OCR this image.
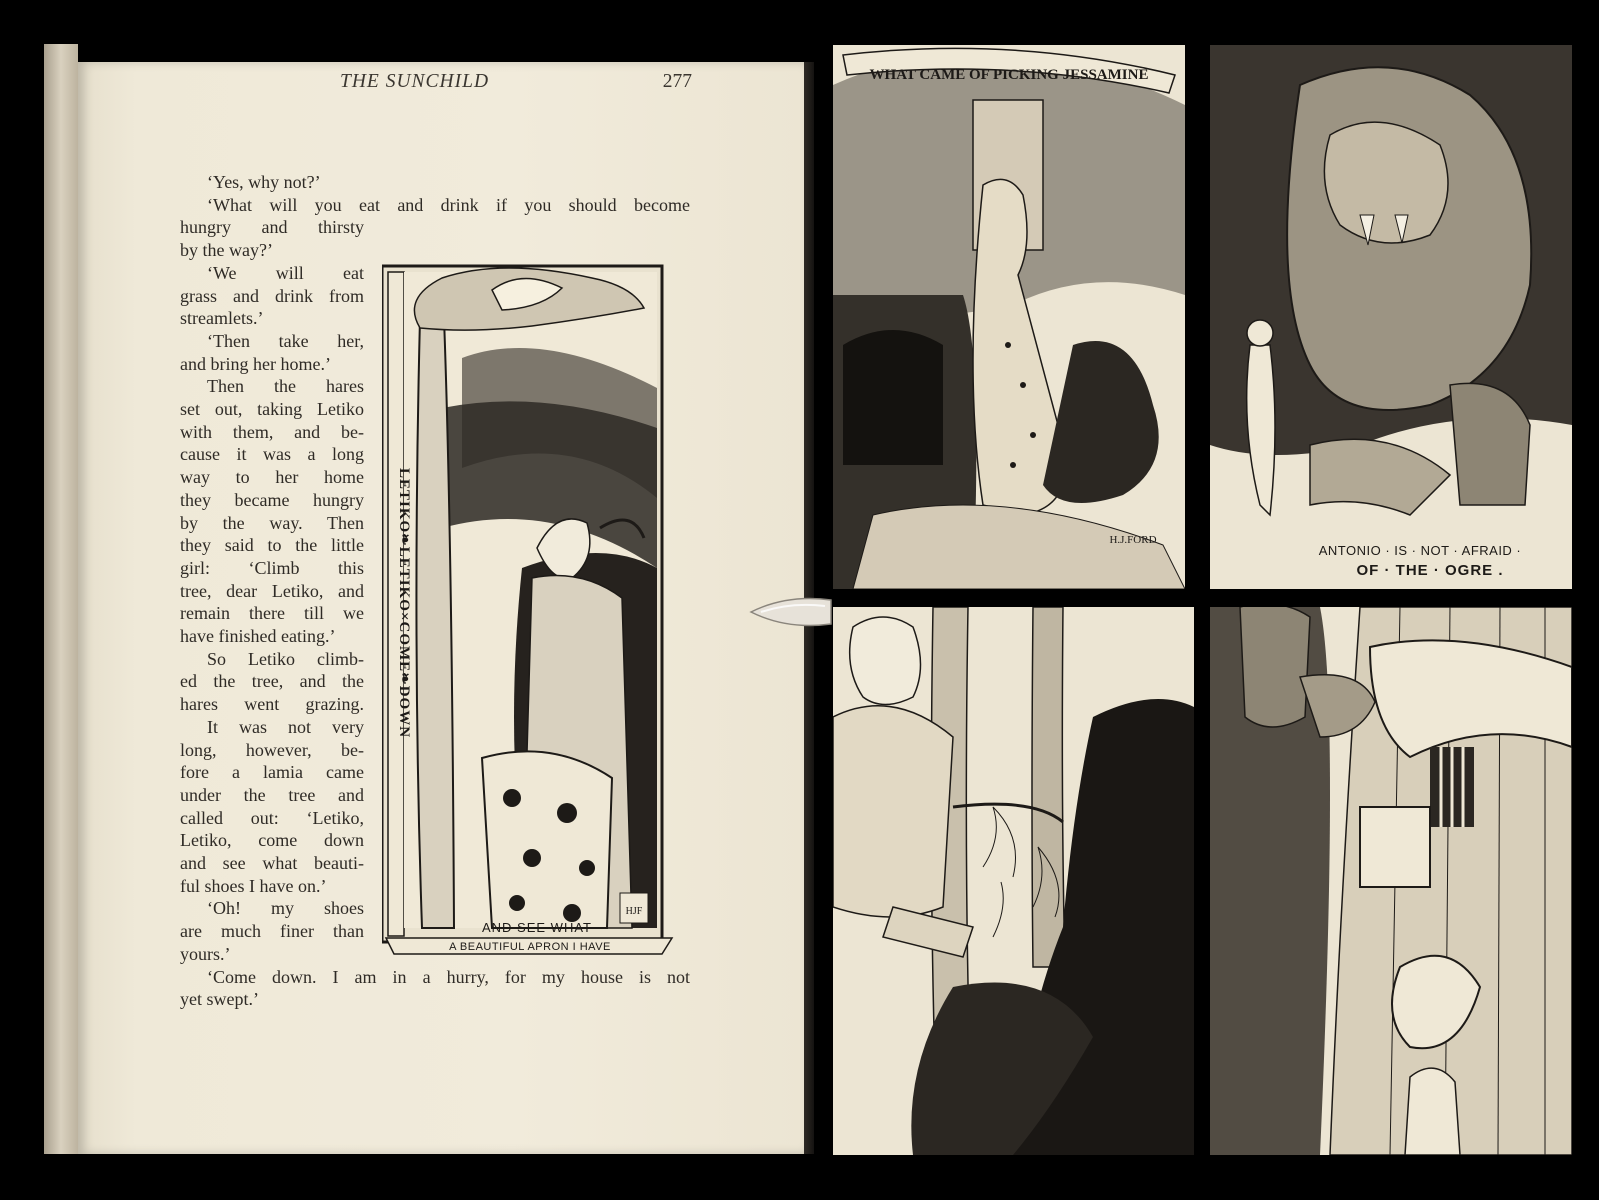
THE SUNCHILD	277
‘Yes, why not?’
‘What will you eat and drink if you should become
hungry and thirsty
by the way?’
‘We will eat
grass and drink from
streamlets.’
‘Then take her,
and bring her home.’
Then the hares
set out, taking Letiko
with them, and be-
cause it was a long
way to her home
they became hungry
by the way. Then
they said to the little
girl: ‘Climb this
tree, dear Letiko, and
remain there till we
have finished eating.’
So Letiko climb-
ed the tree, and the
hares went grazing.
It was not very
long, however, be-
fore a lamia came
under the tree and
called out: ‘Letiko,
Letiko, come down
and see what beauti-
ful shoes I have on.’
‘Oh! my shoes
are much finer than
yours.’
‘Come down. I am in a hurry, for my house is not
yet swept.’
LETIKO❧LETIKO×COME❧DOWN
HJF
AND SEE WHAT
A BEAUTIFUL APRON I HAVE
WHAT CAME OF PICKING JESSAMINE
H.J.FORD
ANTONIO · IS · NOT · AFRAID ·
OF · THE · OGRE .
